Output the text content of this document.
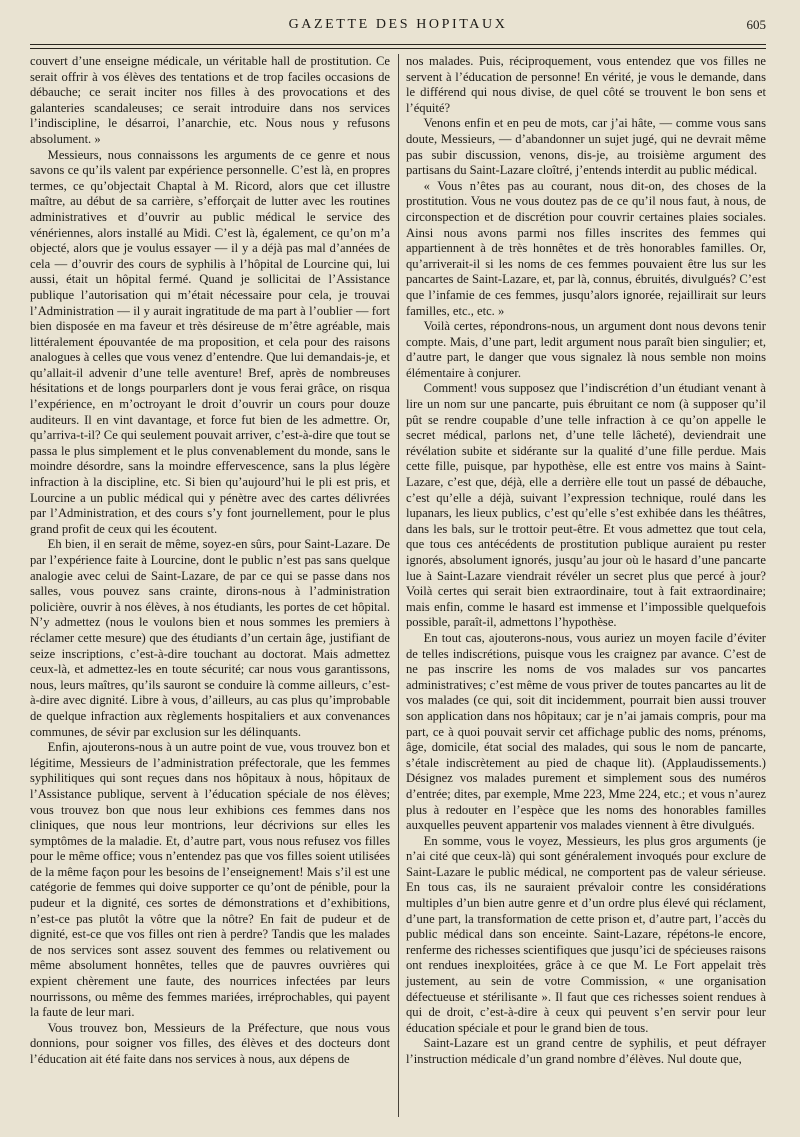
GAZETTE DES HOPITAUX	605

couvert d’une enseigne médicale, un véritable hall de prostitution. Ce serait offrir à vos élèves des tentations et de trop faciles occasions de débauche; ce serait inciter nos filles à des provocations et des galanteries scandaleuses; ce serait introduire dans nos services l’indiscipline, le désarroi, l’anarchie, etc. Nous nous y refusons absolument. »

Messieurs, nous connaissons les arguments de ce genre et nous savons ce qu’ils valent par expérience personnelle. C’est là, en propres termes, ce qu’objectait Chaptal à M. Ricord, alors que cet illustre maître, au début de sa carrière, s’efforçait de lutter avec les routines administratives et d’ouvrir au public médical le service des vénériennes, alors installé au Midi. C’est là, également, ce qu’on m’a objecté, alors que je voulus essayer — il y a déjà pas mal d’années de cela — d’ouvrir des cours de syphilis à l’hôpital de Lourcine qui, lui aussi, était un hôpital fermé. Quand je sollicitai de l’Assistance publique l’autorisation qui m’était nécessaire pour cela, je trouvai l’Administration — il y aurait ingratitude de ma part à l’oublier — fort bien disposée en ma faveur et très désireuse de m’être agréable, mais littéralement épouvantée de ma proposition, et cela pour des raisons analogues à celles que vous venez d’entendre. Que lui demandais-je, et qu’allait-il advenir d’une telle aventure! Bref, après de nombreuses hésitations et de longs pourparlers dont je vous ferai grâce, on risqua l’expérience, en m’octroyant le droit d’ouvrir un cours pour douze auditeurs. Il en vint davantage, et force fut bien de les admettre. Or, qu’arriva-t-il? Ce qui seulement pouvait arriver, c’est-à-dire que tout se passa le plus simplement et le plus convenablement du monde, sans le moindre désordre, sans la moindre effervescence, sans la plus légère infraction à la discipline, etc. Si bien qu’aujourd’hui le pli est pris, et Lourcine a un public médical qui y pénètre avec des cartes délivrées par l’Administration, et des cours s’y font journellement, pour le plus grand profit de ceux qui les écoutent.

Eh bien, il en serait de même, soyez-en sûrs, pour Saint-Lazare. De par l’expérience faite à Lourcine, dont le public n’est pas sans quelque analogie avec celui de Saint-Lazare, de par ce qui se passe dans nos salles, vous pouvez sans crainte, dirons-nous à l’administration policière, ouvrir à nos élèves, à nos étudiants, les portes de cet hôpital. N’y admettez (nous le voulons bien et nous sommes les premiers à réclamer cette mesure) que des étudiants d’un certain âge, justifiant de seize inscriptions, c’est-à-dire touchant au doctorat. Mais admettez ceux-là, et admettez-les en toute sécurité; car nous vous garantissons, nous, leurs maîtres, qu’ils sauront se conduire là comme ailleurs, c’est-à-dire avec dignité. Libre à vous, d’ailleurs, au cas plus qu’improbable de quelque infraction aux règlements hospitaliers et aux convenances communes, de sévir par exclusion sur les délinquants.

Enfin, ajouterons-nous à un autre point de vue, vous trouvez bon et légitime, Messieurs de l’administration préfectorale, que les femmes syphilitiques qui sont reçues dans nos hôpitaux à nous, hôpitaux de l’Assistance publique, servent à l’éducation spéciale de nos élèves; vous trouvez bon que nous leur exhibions ces femmes dans nos cliniques, que nous leur montrions, leur décrivions sur elles les symptômes de la maladie. Et, d’autre part, vous nous refusez vos filles pour le même office; vous n’entendez pas que vos filles soient utilisées de la même façon pour les besoins de l’enseignement! Mais s’il est une catégorie de femmes qui doive supporter ce qu’ont de pénible, pour la pudeur et la dignité, ces sortes de démonstrations et d’exhibitions, n’est-ce pas plutôt la vôtre que la nôtre? En fait de pudeur et de dignité, est-ce que vos filles ont rien à perdre? Tandis que les malades de nos services sont assez souvent des femmes ou relativement ou même absolument honnêtes, telles que de pauvres ouvrières qui expient chèrement une faute, des nourrices infectées par leurs nourrissons, ou même des femmes mariées, irréprochables, qui payent la faute de leur mari.

Vous trouvez bon, Messieurs de la Préfecture, que nous vous donnions, pour soigner vos filles, des élèves et des docteurs dont l’éducation ait été faite dans nos services à nous, aux dépens de

nos malades. Puis, réciproquement, vous entendez que vos filles ne servent à l’éducation de personne! En vérité, je vous le demande, dans le différend qui nous divise, de quel côté se trouvent le bon sens et l’équité?

Venons enfin et en peu de mots, car j’ai hâte, — comme vous sans doute, Messieurs, — d’abandonner un sujet jugé, qui ne devrait même pas subir discussion, venons, dis-je, au troisième argument des partisans du Saint-Lazare cloîtré, j’entends interdit au public médical.

« Vous n’êtes pas au courant, nous dit-on, des choses de la prostitution. Vous ne vous doutez pas de ce qu’il nous faut, à nous, de circonspection et de discrétion pour couvrir certaines plaies sociales. Ainsi nous avons parmi nos filles inscrites des femmes qui appartiennent à de très honnêtes et de très honorables familles. Or, qu’arriverait-il si les noms de ces femmes pouvaient être lus sur les pancartes de Saint-Lazare, et, par là, connus, ébruités, divulgués? C’est que l’infamie de ces femmes, jusqu’alors ignorée, rejaillirait sur leurs familles, etc., etc. »

Voilà certes, répondrons-nous, un argument dont nous devons tenir compte. Mais, d’une part, ledit argument nous paraît bien singulier; et, d’autre part, le danger que vous signalez là nous semble non moins élémentaire à conjurer.

Comment! vous supposez que l’indiscrétion d’un étudiant venant à lire un nom sur une pancarte, puis ébruitant ce nom (à supposer qu’il pût se rendre coupable d’une telle infraction à ce qu’on appelle le secret médical, parlons net, d’une telle lâcheté), deviendrait une révélation subite et sidérante sur la qualité d’une fille perdue. Mais cette fille, puisque, par hypothèse, elle est entre vos mains à Saint-Lazare, c’est que, déjà, elle a derrière elle tout un passé de débauche, c’est qu’elle a déjà, suivant l’expression technique, roulé dans les lupanars, les lieux publics, c’est qu’elle s’est exhibée dans les théâtres, dans les bals, sur le trottoir peut-être. Et vous admettez que tout cela, que tous ces antécédents de prostitution publique auraient pu rester ignorés, absolument ignorés, jusqu’au jour où le hasard d’une pancarte lue à Saint-Lazare viendrait révéler un secret plus que percé à jour? Voilà certes qui serait bien extraordinaire, tout à fait extraordinaire; mais enfin, comme le hasard est immense et l’impossible quelquefois possible, paraît-il, admettons l’hypothèse.

En tout cas, ajouterons-nous, vous auriez un moyen facile d’éviter de telles indiscrétions, puisque vous les craignez par avance. C’est de ne pas inscrire les noms de vos malades sur vos pancartes administratives; c’est même de vous priver de toutes pancartes au lit de vos malades (ce qui, soit dit incidemment, pourrait bien aussi trouver son application dans nos hôpitaux; car je n’ai jamais compris, pour ma part, ce à quoi pouvait servir cet affichage public des noms, prénoms, âge, domicile, état social des malades, qui sous le nom de pancarte, s’étale indiscrètement au pied de chaque lit). (Applaudissements.) Désignez vos malades purement et simplement sous des numéros d’entrée; dites, par exemple, Mme 223, Mme 224, etc.; et vous n’aurez plus à redouter en l’espèce que les noms des honorables familles auxquelles peuvent appartenir vos malades viennent à être divulgués.

En somme, vous le voyez, Messieurs, les plus gros arguments (je n’ai cité que ceux-là) qui sont généralement invoqués pour exclure de Saint-Lazare le public médical, ne comportent pas de valeur sérieuse. En tous cas, ils ne sauraient prévaloir contre les considérations multiples d’un bien autre genre et d’un ordre plus élevé qui réclament, d’une part, la transformation de cette prison et, d’autre part, l’accès du public médical dans son enceinte. Saint-Lazare, répétons-le encore, renferme des richesses scientifiques que jusqu’ici de spécieuses raisons ont rendues inexploitées, grâce à ce que M. Le Fort appelait très justement, au sein de votre Commission, « une organisation défectueuse et stérilisante ». Il faut que ces richesses soient rendues à qui de droit, c’est-à-dire à ceux qui peuvent s’en servir pour leur éducation spéciale et pour le grand bien de tous.

Saint-Lazare est un grand centre de syphilis, et peut défrayer l’instruction médicale d’un grand nombre d’élèves. Nul doute que,
